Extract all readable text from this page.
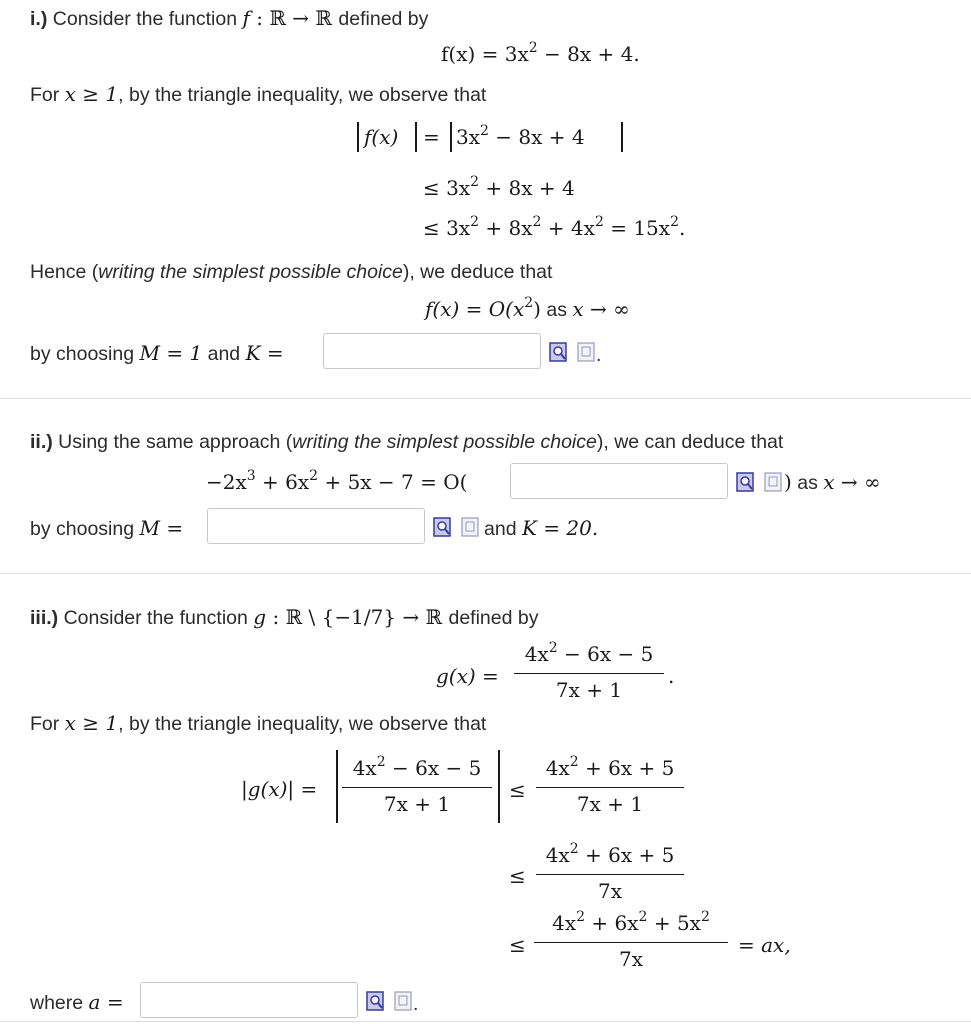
i.) Consider the function f : ℝ → ℝ defined by
$f(x) = 3x^2 - 8x + 4$.
For x ≥ 1, by the triangle inequality, we observe that
$f(x) = 3x^2 - 8x + 4$
≤ $3x^2 + 8x + 4$
≤ $3x^2 + 8x^2 + 4x^2 = 15x^2$.
Hence (writing the simplest possible choice), we deduce that
f(x) = O(x2) as x → ∞
by choosing M = 1 and K =	.
ii.) Using the same approach (writing the simplest possible choice), we can deduce that
$-2x^3 + 6x^2 + 5x - 7 = O$(	) as x → ∞
by choosing M =	and K = 20.
iii.) Consider the function g : ℝ \ {−1/7} → ℝ defined by
g(x) =
$4x^2 - 6x - 5$
7x + 1
.
For x ≥ 1, by the triangle inequality, we observe that
|g(x)| =
$4x^2 - 6x - 5$
7x + 1
≤
$4x^2 + 6x + 5$
7x + 1
≤
$4x^2 + 6x + 5$
7x
≤
$4x^2 + 6x^2 + 5x^2$
7x
= ax,
where a =	.
